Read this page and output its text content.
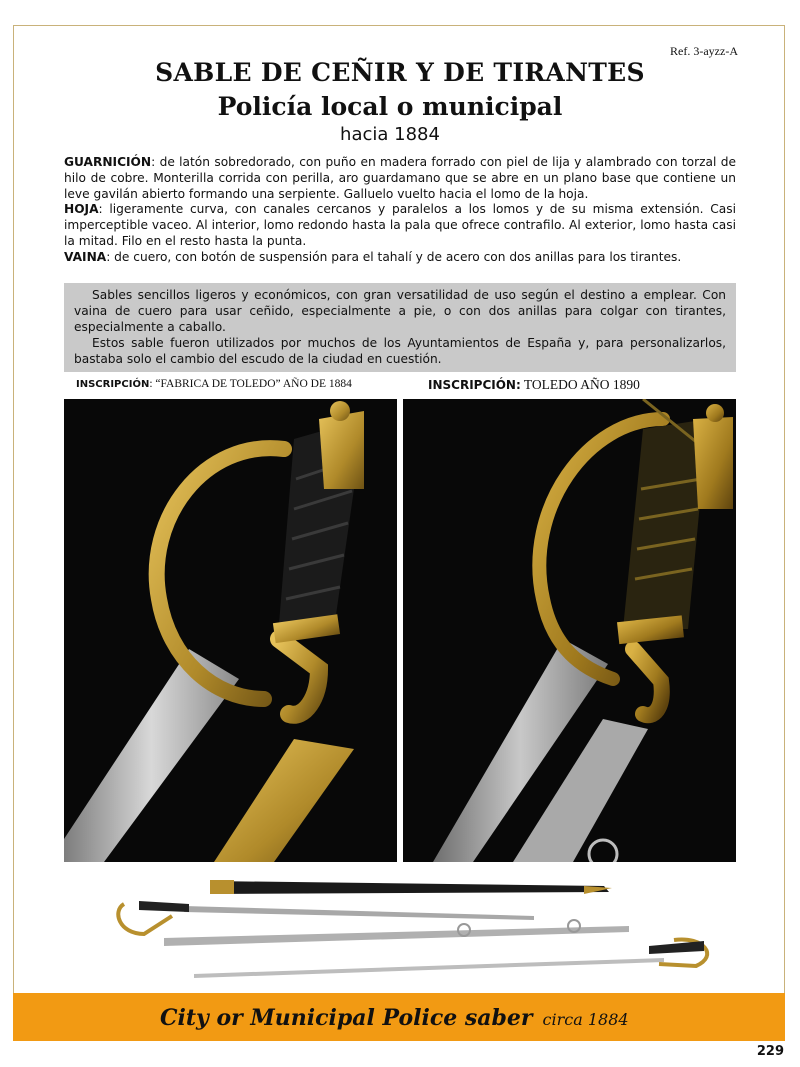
Ref. 3-ayzz-A
SABLE DE CEÑIR Y DE TIRANTES
Policía local o municipal
hacia 1884

GUARNICIÓN: de latón sobredorado, con puño en madera forrado con piel de lija y alambrado con torzal de hilo de cobre. Monterilla corrida con perilla, aro guardamano que se abre en un plano base que contiene un leve gavilán abierto formando una serpiente. Galluelo vuelto hacia el lomo de la hoja.

HOJA: ligeramente curva, con canales cercanos y paralelos a los lomos y de su misma extensión. Casi imperceptible vaceo. Al interior, lomo redondo hasta la pala que ofrece contrafilo. Al exterior, lomo hasta casi la mitad. Filo en el resto hasta la punta.

VAINA: de cuero, con botón de suspensión para el tahalí y de acero con dos anillas para los tirantes.

Sables sencillos ligeros y económicos, con gran versatilidad de uso según el destino a emplear. Con vaina de cuero para usar ceñido, especialmente a pie, o con dos anillas para colgar con tirantes, especialmente a caballo.

Estos sable fueron utilizados por muchos de los Ayuntamientos de España y, para personalizarlos, bastaba solo el cambio del escudo de la ciudad en cuestión.

INSCRIPCIÓN: “FABRICA DE TOLEDO” AÑO DE 1884	INSCRIPCIÓN: TOLEDO AÑO 1890
City or Municipal Police saber circa 1884
229
